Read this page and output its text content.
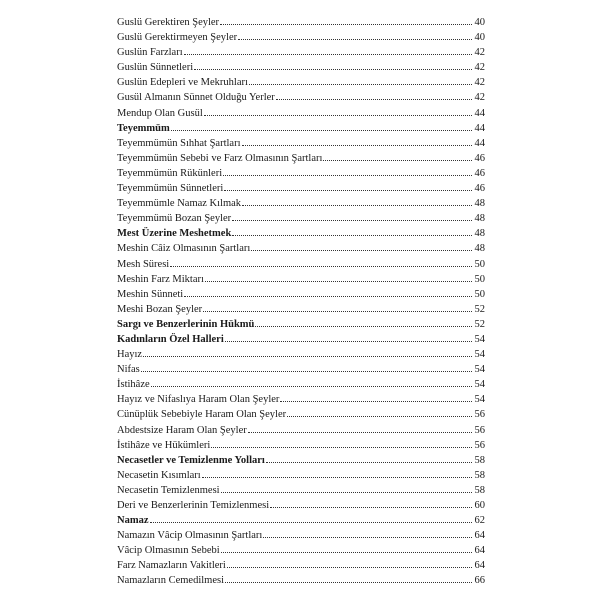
Guslü Gerektiren Şeyler	40
Guslü Gerektirmeyen Şeyler	40
Guslün Farzları	42
Guslün Sünnetleri	42
Guslün Edepleri ve Mekruhları	42
Gusül Almanın Sünnet Olduğu Yerler	42
Mendup Olan Gusül	44
Teyemmüm	44
Teyemmümün Sıhhat Şartları	44
Teyemmümün Sebebi ve Farz Olmasının Şartları	46
Teyemmümün Rükünleri	46
Teyemmümün Sünnetleri	46
Teyemmümle Namaz Kılmak	48
Teyemmümü Bozan Şeyler	48
Mest Üzerine Meshetmek	48
Meshin Câiz Olmasının Şartları	48
Mesh Süresi	50
Meshin Farz Miktarı	50
Meshin Sünneti	50
Meshi Bozan Şeyler	52
Sargı ve Benzerlerinin Hükmü	52
Kadınların Özel Halleri	54
Hayız	54
Nifas	54
İstihâze	54
Hayız ve Nifaslıya Haram Olan Şeyler	54
Cünüplük Sebebiyle Haram Olan Şeyler	56
Abdestsize Haram Olan Şeyler	56
İstihâze ve Hükümleri	56
Necasetler ve Temizlenme Yolları	58
Necasetin Kısımları	58
Necasetin Temizlenmesi	58
Deri ve Benzerlerinin Temizlenmesi	60
Namaz	62
Namazın Vâcip Olmasının Şartları	64
Vâcip Olmasının Sebebi	64
Farz Namazların Vakitleri	64
Namazların Cemedilmesi	66
